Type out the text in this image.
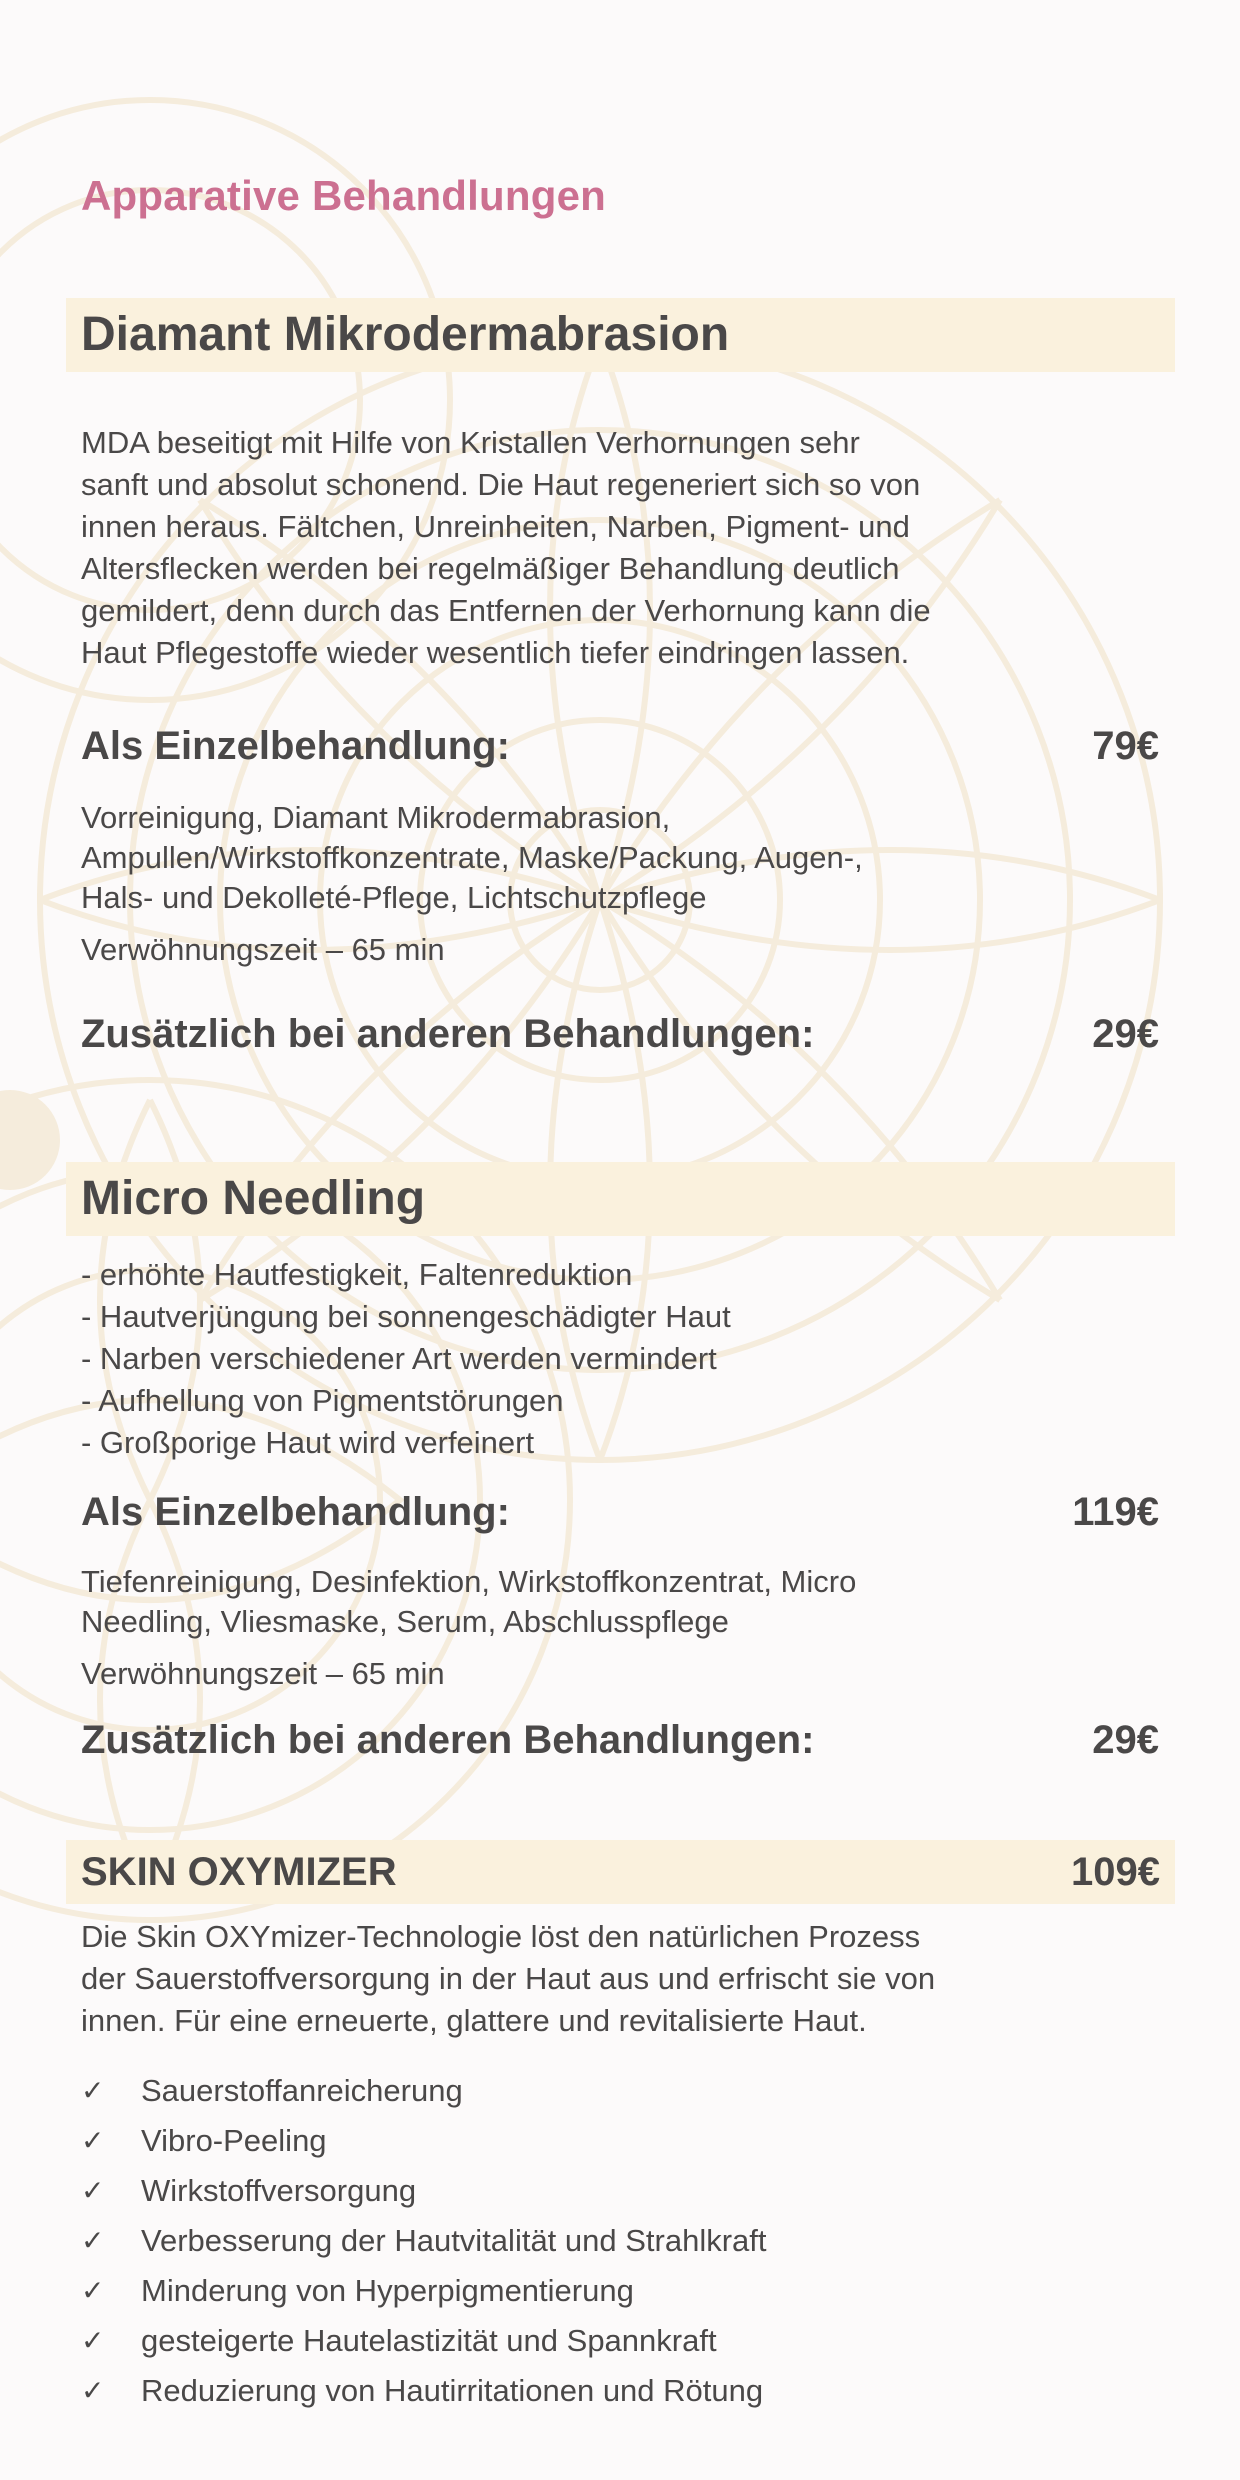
Apparative Behandlungen
Diamant Mikrodermabrasion
MDA beseitigt mit Hilfe von Kristallen Verhornungen sehr
sanft und absolut schonend. Die Haut regeneriert sich so von
innen heraus. Fältchen, Unreinheiten, Narben, Pigment- und
Altersflecken werden bei regelmäßiger Behandlung deutlich
gemildert, denn durch das Entfernen der Verhornung kann die
Haut Pflegestoffe wieder wesentlich tiefer eindringen lassen.
Als Einzelbehandlung:	79€
Vorreinigung, Diamant Mikrodermabrasion,
Ampullen/Wirkstoffkonzentrate, Maske/Packung, Augen-,
Hals- und Dekolleté-Pflege, Lichtschutzpflege
Verwöhnungszeit – 65 min
Zusätzlich bei anderen Behandlungen:	29€
Micro Needling
- erhöhte Hautfestigkeit, Faltenreduktion
- Hautverjüngung bei sonnengeschädigter Haut
- Narben verschiedener Art werden vermindert
- Aufhellung von Pigmentstörungen
- Großporige Haut wird verfeinert
Als Einzelbehandlung:	119€
Tiefenreinigung, Desinfektion, Wirkstoffkonzentrat, Micro
Needling, Vliesmaske, Serum, Abschlusspflege
Verwöhnungszeit – 65 min
Zusätzlich bei anderen Behandlungen:	29€
SKIN OXYMIZER	109€
Die Skin OXYmizer-Technologie löst den natürlichen Prozess
der Sauerstoffversorgung in der Haut aus und erfrischt sie von
innen. Für eine erneuerte, glattere und revitalisierte Haut.
✓ Sauerstoffanreicherung
✓ Vibro-Peeling
✓ Wirkstoffversorgung
✓ Verbesserung der Hautvitalität und Strahlkraft
✓ Minderung von Hyperpigmentierung
✓ gesteigerte Hautelastizität und Spannkraft
✓ Reduzierung von Hautirritationen und Rötung
